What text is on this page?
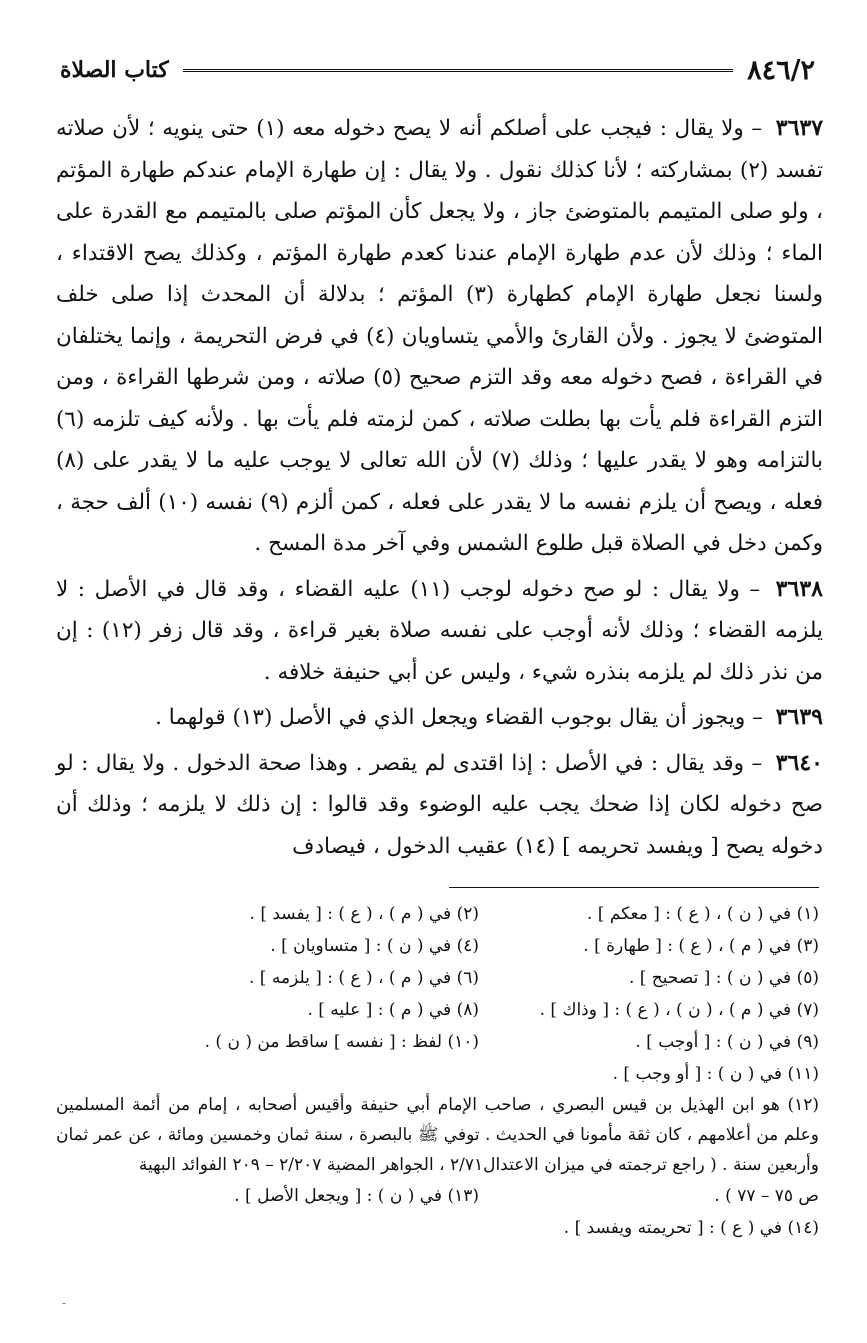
٨٤٦/٢
كتاب الصلاة

٣٦٣٧ – ولا يقال : فيجب على أصلكم أنه لا يصح دخوله معه (١) حتى ينويه ؛ لأن صلاته تفسد (٢) بمشاركته ؛ لأنا كذلك نقول . ولا يقال : إن طهارة الإمام عندكم طهارة المؤتم ، ولو صلى المتيمم بالمتوضئ جاز ، ولا يجعل كأن المؤتم صلى بالمتيمم مع القدرة على الماء ؛ وذلك لأن عدم طهارة الإمام عندنا كعدم طهارة المؤتم ، وكذلك يصح الاقتداء ، ولسنا نجعل طهارة الإمام كطهارة (٣) المؤتم ؛ بدلالة أن المحدث إذا صلى خلف المتوضئ لا يجوز . ولأن القارئ والأمي يتساويان (٤) في فرض التحريمة ، وإنما يختلفان في القراءة ، فصح دخوله معه وقد التزم صحيح (٥) صلاته ، ومن شرطها القراءة ، ومن التزم القراءة فلم يأت بها بطلت صلاته ، كمن لزمته فلم يأت بها . ولأنه كيف تلزمه (٦) بالتزامه وهو لا يقدر عليها ؛ وذلك (٧) لأن الله تعالى لا يوجب عليه ما لا يقدر على (٨) فعله ، ويصح أن يلزم نفسه ما لا يقدر على فعله ، كمن ألزم (٩) نفسه (١٠) ألف حجة ، وكمن دخل في الصلاة قبل طلوع الشمس وفي آخر مدة المسح .

٣٦٣٨ – ولا يقال : لو صح دخوله لوجب (١١) عليه القضاء ، وقد قال في الأصل : لا يلزمه القضاء ؛ وذلك لأنه أوجب على نفسه صلاة بغير قراءة ، وقد قال زفر (١٢) : إن من نذر ذلك لم يلزمه بنذره شيء ، وليس عن أبي حنيفة خلافه .

٣٦٣٩ – ويجوز أن يقال بوجوب القضاء ويجعل الذي في الأصل (١٣) قولهما .

٣٦٤٠ – وقد يقال : في الأصل : إذا اقتدى لم يقصر . وهذا صحة الدخول . ولا يقال : لو صح دخوله لكان إذا ضحك يجب عليه الوضوء وقد قالوا : إن ذلك لا يلزمه ؛ وذلك أن دخوله يصح [ ويفسد تحريمه ] (١٤) عقيب الدخول ، فيصادف

(١) في ( ن ) ، ( ع ) : [ معكم ] .
(٢) في ( م ) ، ( ع ) : [ يفسد ] .
(٣) في ( م ) ، ( ع ) : [ طهارة ] .
(٤) في ( ن ) : [ متساويان ] .
(٥) في ( ن ) : [ تصحيح ] .
(٦) في ( م ) ، ( ع ) : [ يلزمه ] .
(٧) في ( م ) ، ( ن ) ، ( ع ) : [ وذاك ] .
(٨) في ( م ) : [ عليه ] .
(٩) في ( ن ) : [ أوجب ] .
(١٠) لفظ : [ نفسه ] ساقط من ( ن ) .
(١١) في ( ن ) : [ أو وجب ] .

(١٢) هو ابن الهذيل بن قيس البصري ، صاحب الإمام أبي حنيفة وأقيس أصحابه ، إمام من أئمة المسلمين وعلم من أعلامهم ، كان ثقة مأمونا في الحديث . توفي ﷺ بالبصرة ، سنة ثمان وخمسين ومائة ، عن عمر ثمان وأربعين سنة . ( راجع ترجمته في ميزان الاعتدال٢/٧١ ، الجواهر المضية ٢/٢٠٧ – ٢٠٩ الفوائد البهية

ص ٧٥ – ٧٧ ) .
(١٣) في ( ن ) : [ ويجعل الأصل ] .
(١٤) في ( ع ) : [ تحريمته ويفسد ] .
-
